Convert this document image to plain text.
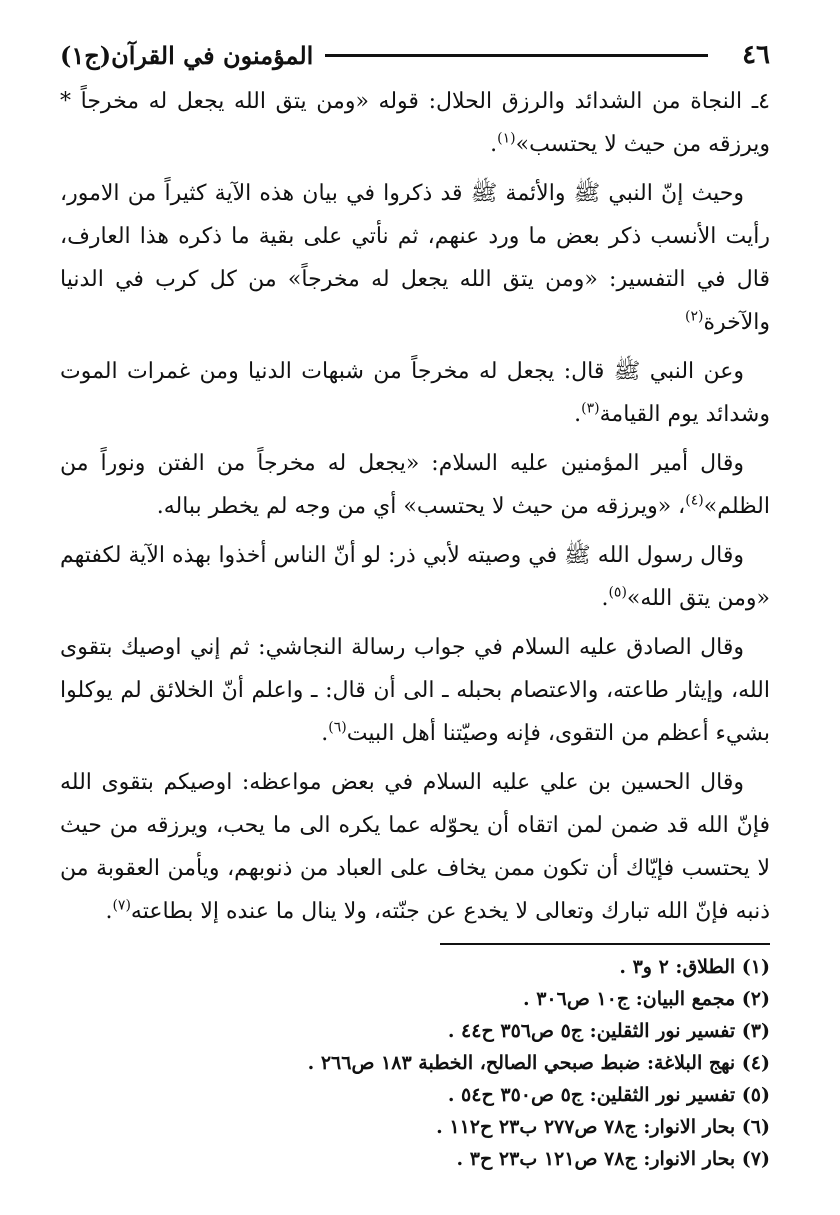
٤٦
المؤمنون في القرآن(ج١)

٤ـ النجاة من الشدائد والرزق الحلال: قوله «ومن يتق الله يجعل له مخرجاً * ويرزقه من حيث لا يحتسب»$^{(١)}$.

وحيث إنّ النبي ﷺ والأئمة ﷺ قد ذكروا في بيان هذه الآية كثيراً من الامور، رأيت الأنسب ذكر بعض ما ورد عنهم، ثم نأتي على بقية ما ذكره هذا العارف، قال في التفسير: «ومن يتق الله يجعل له مخرجاً» من كل كرب في الدنيا والآخرة$^{(٢)}$

وعن النبي ﷺ قال: يجعل له مخرجاً من شبهات الدنيا ومن غمرات الموت وشدائد يوم القيامة$^{(٣)}$.

وقال أمير المؤمنين عليه السلام: «يجعل له مخرجاً من الفتن ونوراً من الظلم»$^{(٤)}$، «ويرزقه من حيث لا يحتسب» أي من وجه لم يخطر بباله.

وقال رسول الله ﷺ في وصيته لأبي ذر: لو أنّ الناس أخذوا بهذه الآية لكفتهم «ومن يتق الله»$^{(٥)}$.

وقال الصادق عليه السلام في جواب رسالة النجاشي: ثم إني اوصيك بتقوى الله، وإيثار طاعته، والاعتصام بحبله ـ الى أن قال: ـ واعلم أنّ الخلائق لم يوكلوا بشيء أعظم من التقوى، فإنه وصيّتنا أهل البيت$^{(٦)}$.

وقال الحسين بن علي عليه السلام في بعض مواعظه: اوصيكم بتقوى الله فإنّ الله قد ضمن لمن اتقاه أن يحوّله عما يكره الى ما يحب، ويرزقه من حيث لا يحتسب فإيّاك أن تكون ممن يخاف على العباد من ذنوبهم، ويأمن العقوبة من ذنبه فإنّ الله تبارك وتعالى لا يخدع عن جنّته، ولا ينال ما عنده إلا بطاعته$^{(٧)}$.

(١) الطلاق: ٢ و٣ .
(٢) مجمع البيان: ج١٠ ص٣٠٦ .
(٣) تفسير نور الثقلين: ج٥ ص٣٥٦ ح٤٤ .
(٤) نهج البلاغة: ضبط صبحي الصالح، الخطبة ١٨٣ ص٢٦٦ .
(٥) تفسير نور الثقلين: ج٥ ص٣٥٠ ح٥٤ .
(٦) بحار الانوار: ج٧٨ ص٢٧٧ ب٢٣ ح١١٢ .
(٧) بحار الانوار: ج٧٨ ص١٢١ ب٢٣ ح٣ .
